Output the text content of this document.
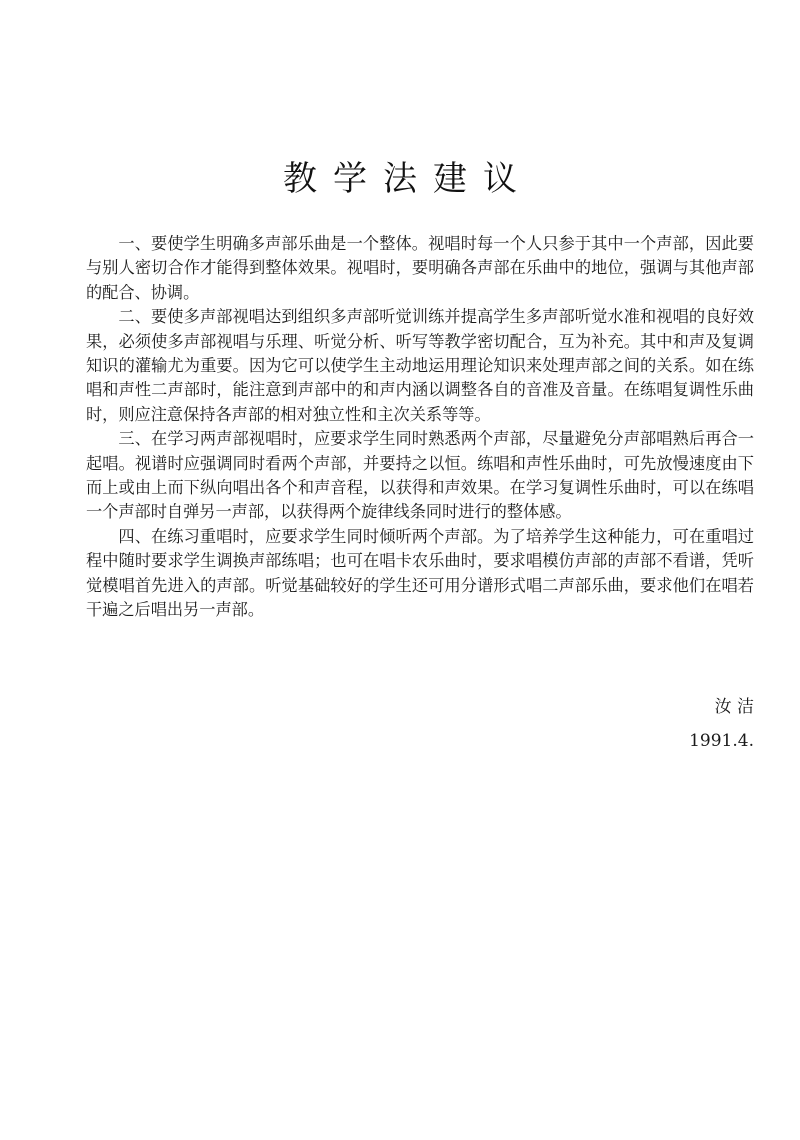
教学法建议

一、要使学生明确多声部乐曲是一个整体。视唱时每一个人只参于其中一个声部，因此要与别人密切合作才能得到整体效果。视唱时，要明确各声部在乐曲中的地位，强调与其他声部的配合、协调。

二、要使多声部视唱达到组织多声部听觉训练并提高学生多声部听觉水准和视唱的良好效果，必须使多声部视唱与乐理、听觉分析、听写等教学密切配合，互为补充。其中和声及复调知识的灌输尤为重要。因为它可以使学生主动地运用理论知识来处理声部之间的关系。如在练唱和声性二声部时，能注意到声部中的和声内涵以调整各自的音准及音量。在练唱复调性乐曲时，则应注意保持各声部的相对独立性和主次关系等等。

三、在学习两声部视唱时，应要求学生同时熟悉两个声部，尽量避免分声部唱熟后再合一起唱。视谱时应强调同时看两个声部，并要持之以恒。练唱和声性乐曲时，可先放慢速度由下而上或由上而下纵向唱出各个和声音程，以获得和声效果。在学习复调性乐曲时，可以在练唱一个声部时自弹另一声部，以获得两个旋律线条同时进行的整体感。

四、在练习重唱时，应要求学生同时倾听两个声部。为了培养学生这种能力，可在重唱过程中随时要求学生调换声部练唱；也可在唱卡农乐曲时，要求唱模仿声部的声部不看谱，凭听觉模唱首先进入的声部。听觉基础较好的学生还可用分谱形式唱二声部乐曲，要求他们在唱若干遍之后唱出另一声部。

汝 洁
1991.4.
